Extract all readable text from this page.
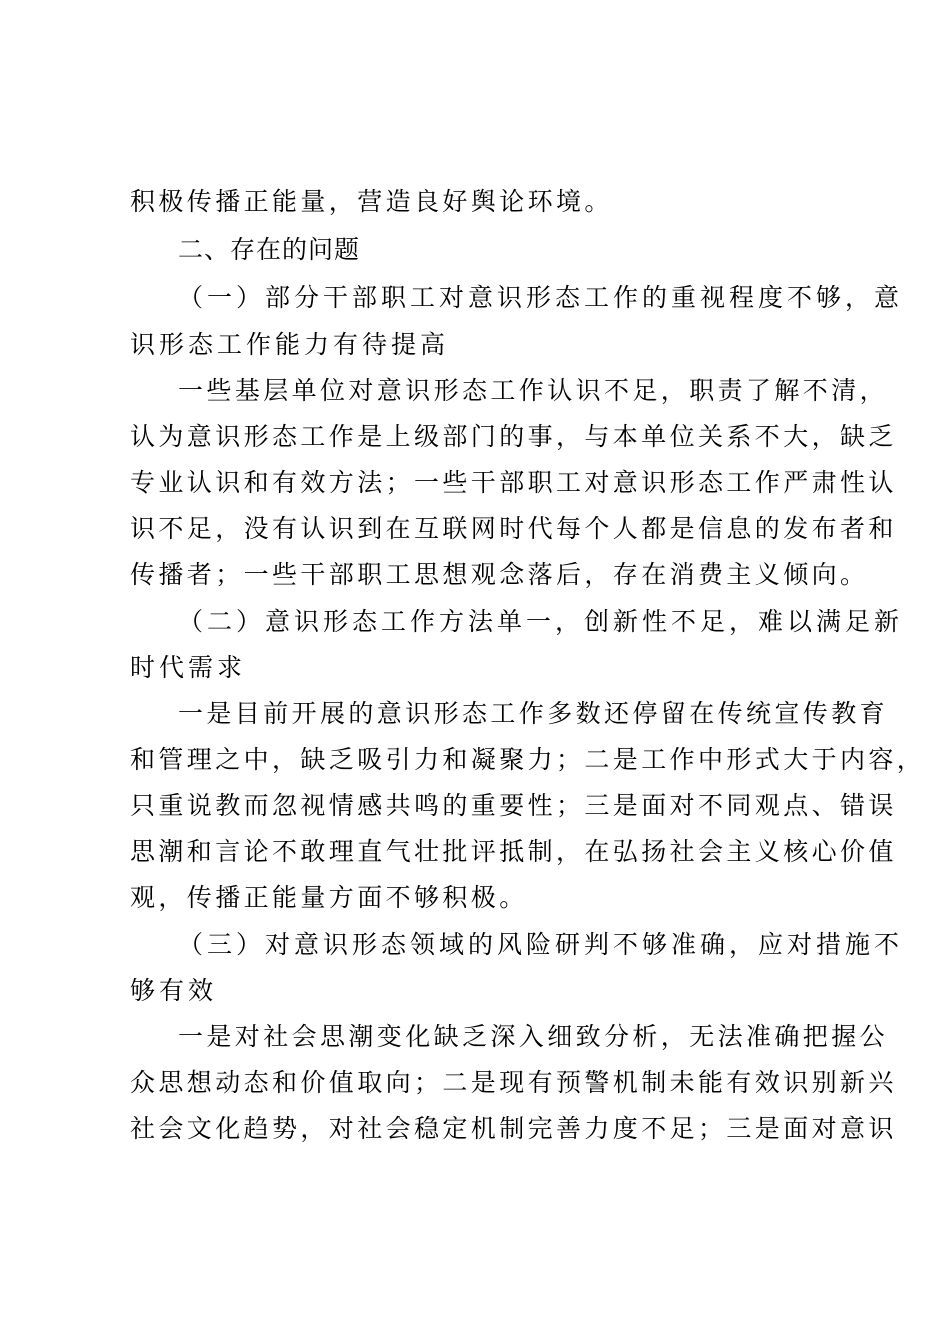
积极传播正能量，营造良好舆论环境。
二、存在的问题
（一）部分干部职工对意识形态工作的重视程度不够，意
识形态工作能力有待提高
一些基层单位对意识形态工作认识不足，职责了解不清，
认为意识形态工作是上级部门的事，与本单位关系不大，缺乏
专业认识和有效方法；一些干部职工对意识形态工作严肃性认
识不足，没有认识到在互联网时代每个人都是信息的发布者和
传播者；一些干部职工思想观念落后，存在消费主义倾向。
（二）意识形态工作方法单一，创新性不足，难以满足新
时代需求
一是目前开展的意识形态工作多数还停留在传统宣传教育
和管理之中，缺乏吸引力和凝聚力；二是工作中形式大于内容，
只重说教而忽视情感共鸣的重要性；三是面对不同观点、错误
思潮和言论不敢理直气壮批评抵制，在弘扬社会主义核心价值
观，传播正能量方面不够积极。
（三）对意识形态领域的风险研判不够准确，应对措施不
够有效
一是对社会思潮变化缺乏深入细致分析，无法准确把握公
众思想动态和价值取向；二是现有预警机制未能有效识别新兴
社会文化趋势，对社会稳定机制完善力度不足；三是面对意识
